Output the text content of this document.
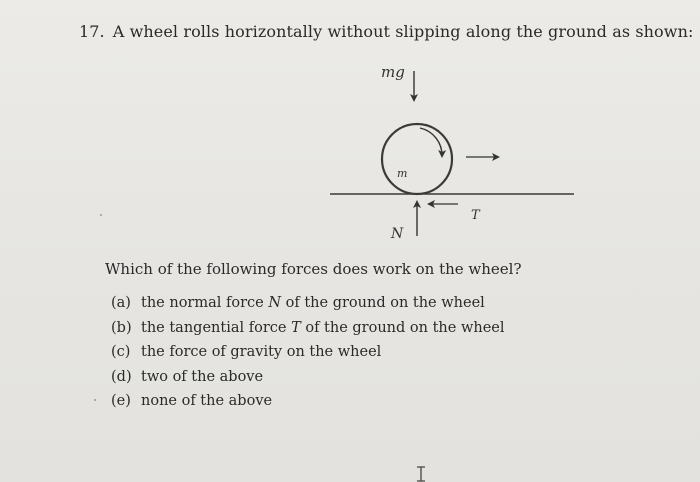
17. A wheel rolls horizontally without slipping along the ground as shown:
mg
m
N
T
Which of the following forces does work on the wheel?
(a) the normal force N of the ground on the wheel
(b) the tangential force T of the ground on the wheel
(c) the force of gravity on the wheel
(d) two of the above
(e) none of the above
